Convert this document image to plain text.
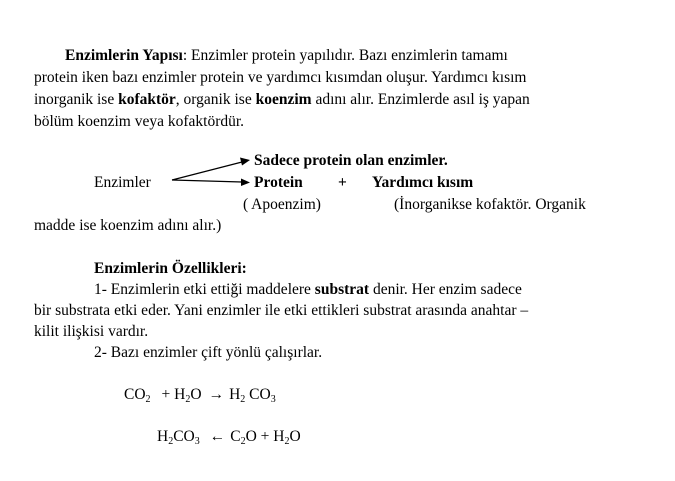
Enzimlerin Yapısı: Enzimler protein yapılıdır. Bazı enzimlerin tamamı
protein iken bazı enzimler protein ve yardımcı kısımdan oluşur. Yardımcı kısım
inorganik ise kofaktör, organik ise koenzim adını alır. Enzimlerde asıl iş yapan
bölüm koenzim veya kofaktördür.
Enzimler
Sadece protein olan enzimler.
Protein + Yardımcı kısım
( Apoenzim)	(İnorganikse kofaktör. Organik
madde ise koenzim adını alır.)
Enzimlerin Özellikleri:
1- Enzimlerin etki ettiği maddelere substrat denir. Her enzim sadece
bir substrata etki eder. Yani enzimler ile etki ettikleri substrat arasında anahtar –
kilit ilişkisi vardır.
2- Bazı enzimler çift yönlü çalışırlar.
$CO_2 + H_2O \to H_2$ $CO_3$
$H_2CO_3$ ← $C_2O + H_2O$
